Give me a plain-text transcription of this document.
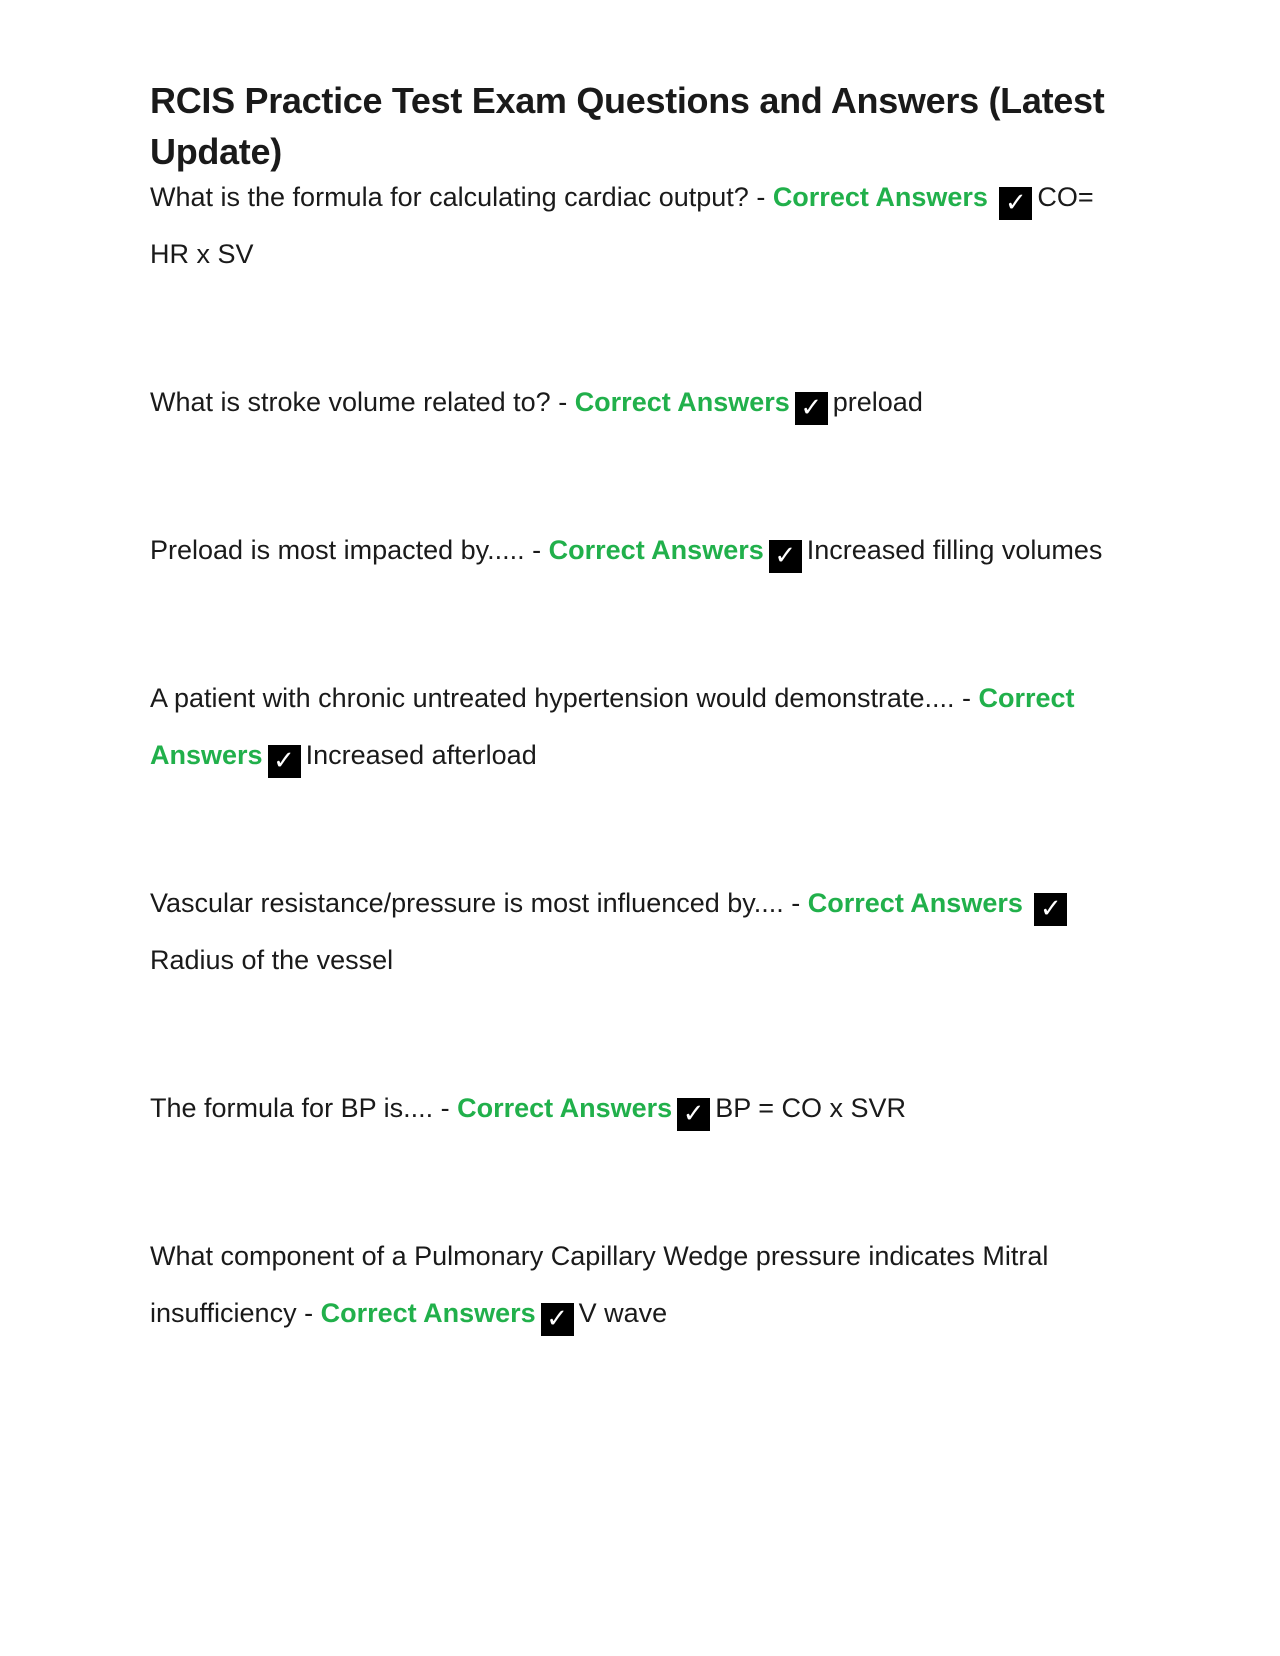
RCIS Practice Test Exam Questions and Answers (Latest Update)

What is the formula for calculating cardiac output? - Correct Answers ✓ CO= HR x SV

What is stroke volume related to? - Correct Answers ✓ preload

Preload is most impacted by..... - Correct Answers ✓ Increased filling volumes

A patient with chronic untreated hypertension would demonstrate.... - Correct Answers ✓ Increased afterload

Vascular resistance/pressure is most influenced by.... - Correct Answers ✓Radius of the vessel

The formula for BP is.... - Correct Answers ✓ BP = CO x SVR

What component of a Pulmonary Capillary Wedge pressure indicates Mitral insufficiency - Correct Answers ✓ V wave
